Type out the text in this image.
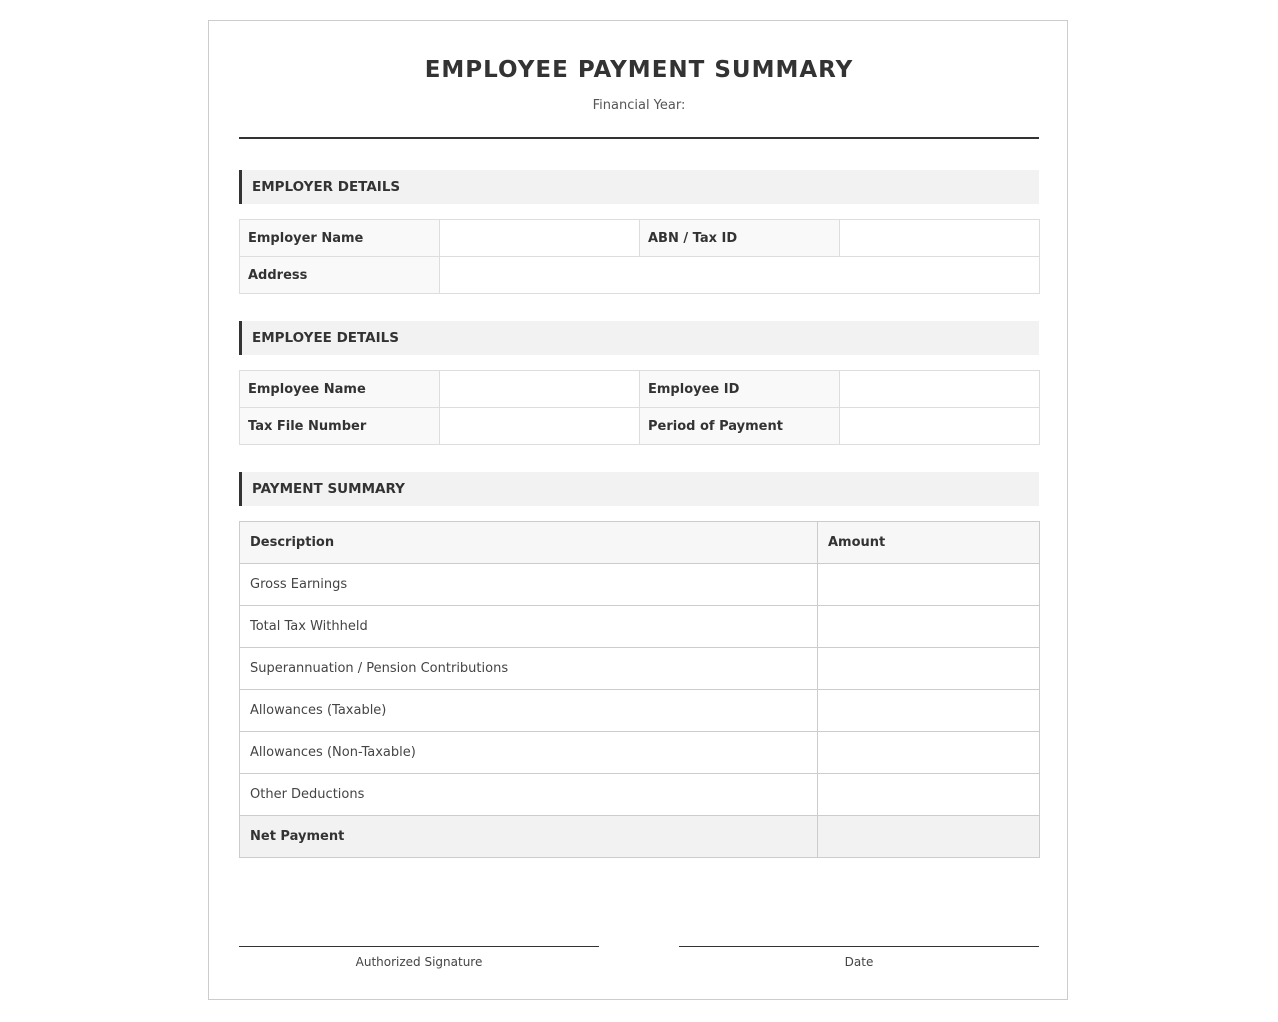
EMPLOYEE PAYMENT SUMMARY
Financial Year:
EMPLOYER DETAILS
Employer Name		ABN / Tax ID	
Address			
EMPLOYEE DETAILS
Employee Name		Employee ID	
Tax File Number		Period of Payment	
PAYMENT SUMMARY
Description	Amount
Gross Earnings	
Total Tax Withheld	
Superannuation / Pension Contributions	
Allowances (Taxable)	
Allowances (Non-Taxable)	
Other Deductions	
Net Payment	
Authorized Signature	Date
